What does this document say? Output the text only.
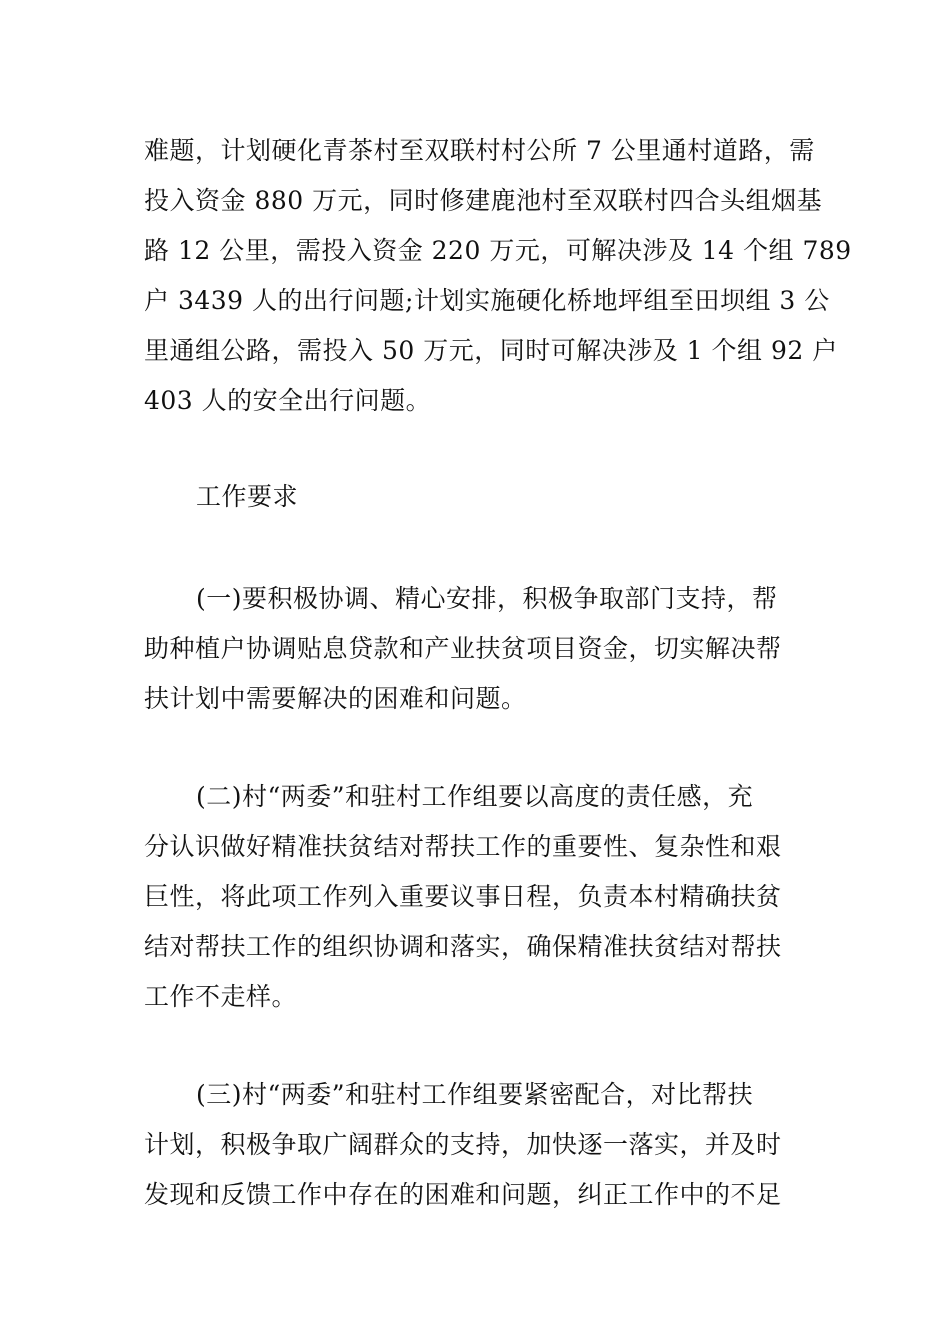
难题，计划硬化青茶村至双联村村公所 7 公里通村道路，需
投入资金 880 万元，同时修建鹿池村至双联村四合头组烟基
路 12 公里，需投入资金 220 万元，可解决涉及 14 个组 789
户 3439 人的出行问题;计划实施硬化桥地坪组至田坝组 3 公
里通组公路，需投入 50 万元，同时可解决涉及 1 个组 92 户
403 人的安全出行问题。
工作要求
(一)要积极协调、精心安排，积极争取部门支持，帮
助种植户协调贴息贷款和产业扶贫项目资金，切实解决帮
扶计划中需要解决的困难和问题。
(二)村“两委”和驻村工作组要以高度的责任感，充
分认识做好精准扶贫结对帮扶工作的重要性、复杂性和艰
巨性，将此项工作列入重要议事日程，负责本村精确扶贫
结对帮扶工作的组织协调和落实，确保精准扶贫结对帮扶
工作不走样。
(三)村“两委”和驻村工作组要紧密配合，对比帮扶
计划，积极争取广阔群众的支持，加快逐一落实，并及时
发现和反馈工作中存在的困难和问题，纠正工作中的不足
